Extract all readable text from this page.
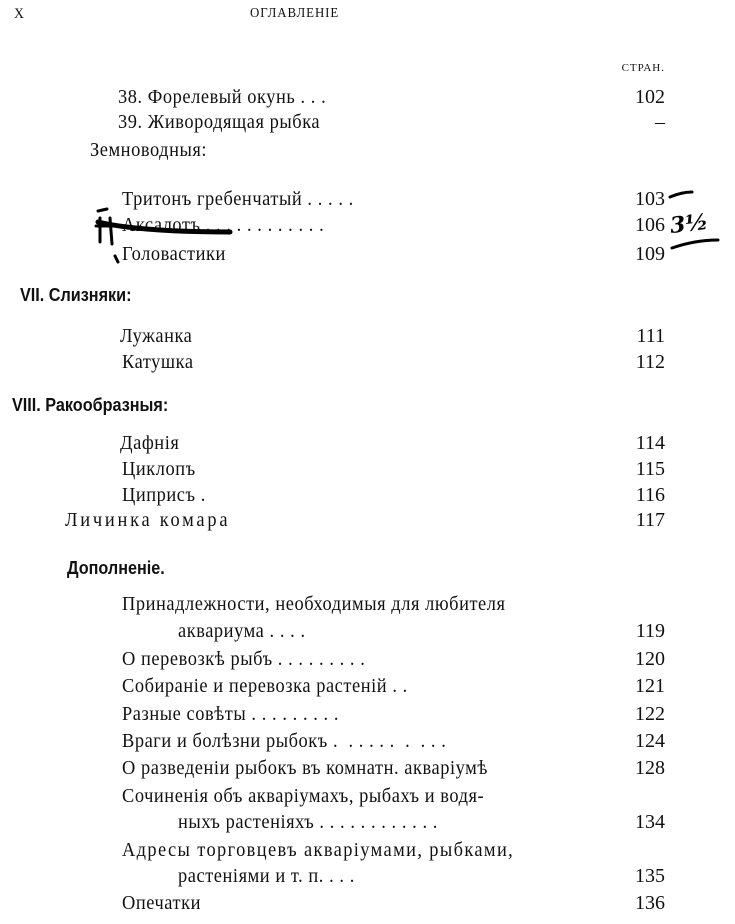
X	ОГЛАВЛЕНІЕ
СТРАН.
38. Форелевый окунь . . .	102
39. Живородящая рыбка	–
Земноводныя:
Тритонъ гребенчатый . . . . .	103
Аксалотъ . . . . . . . . . . . .	106
Головастики	109
3½
VII. Слизняки:
Лужанка	111
Катушка	112
VIII. Ракообразныя:
Дафнія	114
Циклопъ	115
Циприсъ .	116
Личинка комара	117
Дополненіе.
Принадлежности, необходимыя для любителя
аквариума . . . .	119
О перевозкѣ рыбъ . . . . . . . . .	120
Собираніе и перевозка растеній . .	121
Разные совѣты . . . . . . . . .	122
Враги и болѣзни рыбокъ .  . . . . .  .  . . .	124
О разведеніи рыбокъ въ комнатн. акваріумѣ	128
Сочиненія объ акваріумахъ, рыбахъ и водя-
ныхъ растеніяхъ . . . . . . . . . . . .	134
Адресы торговцевъ акваріумами, рыбками,
растеніями и т. п. . . .	135
Опечатки	136
